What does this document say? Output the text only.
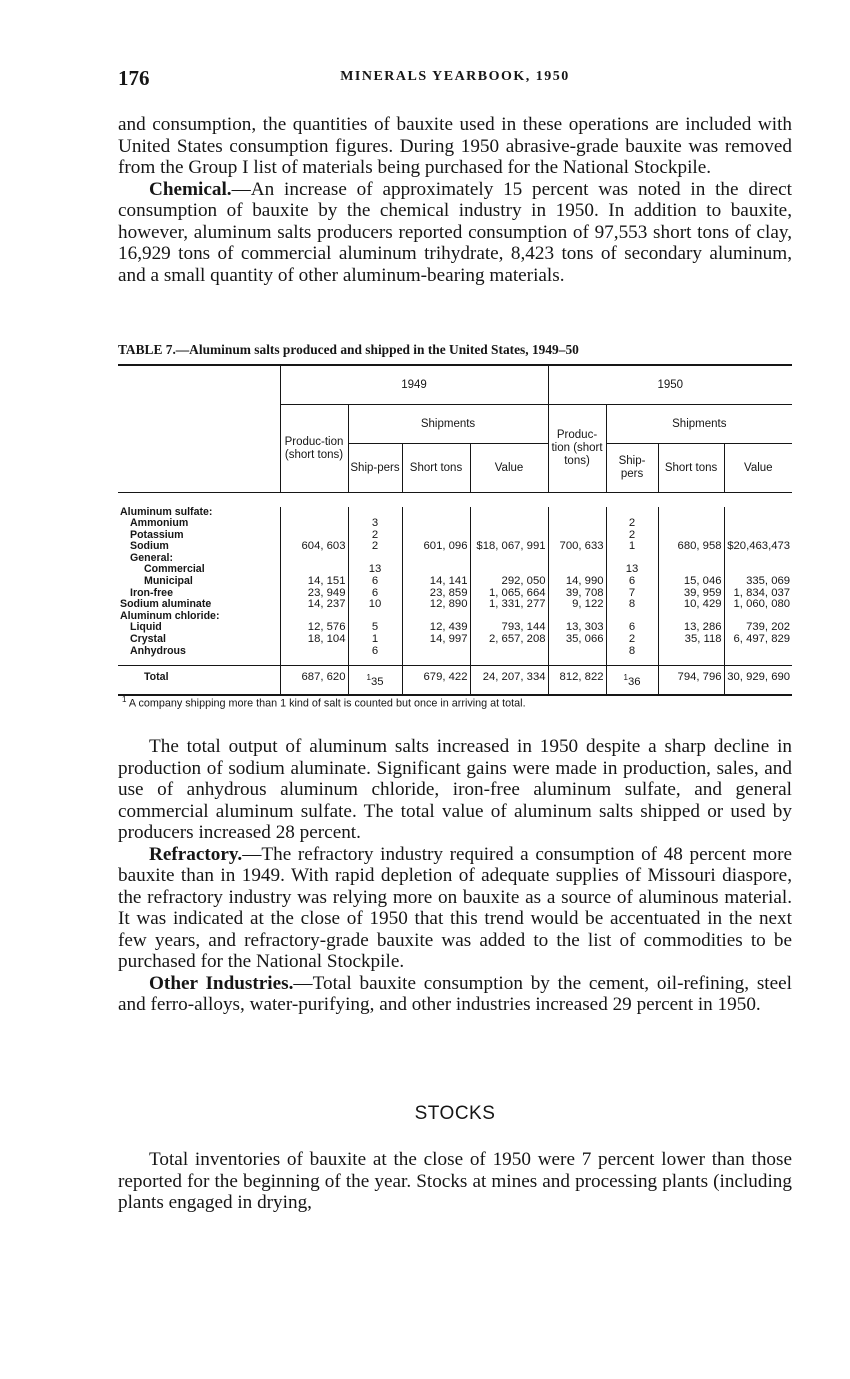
176	MINERALS YEARBOOK, 1950

and consumption, the quantities of bauxite used in these operations are included with United States consumption figures. During 1950 abrasive-grade bauxite was removed from the Group I list of materials being purchased for the National Stockpile.

Chemical.—An increase of approximately 15 percent was noted in the direct consumption of bauxite by the chemical industry in 1950. In addition to bauxite, however, aluminum salts producers reported consumption of 97,553 short tons of clay, 16,929 tons of commercial aluminum trihydrate, 8,423 tons of secondary aluminum, and a small quantity of other aluminum-bearing materials.

TABLE 7.—Aluminum salts produced and shipped in the United States, 1949–50
	1949				1950			
	Produc-tion (short tons)	Shipments			Produc-tion (short tons)	Shipments		
		Ship-pers	Short tons	Value		Ship-pers	Short tons	Value

Aluminum sulfate:								
Ammonium		3				2		
Potassium		2				2		
Sodium	604, 603	2	601, 096	$18, 067, 991	700, 633	1	680, 958	$20,463,473
General:								
Commercial		13				13		
Municipal	14, 151	6	14, 141	292, 050	14, 990	6	15, 046	335, 069
Iron-free	23, 949	6	23, 859	1, 065, 664	39, 708	7	39, 959	1, 834, 037
Sodium aluminate	14, 237	10	12, 890	1, 331, 277	9, 122	8	10, 429	1, 060, 080
Aluminum chloride:								
Liquid	12, 576	5	12, 439	793, 144	13, 303	6	13, 286	739, 202
Crystal	18, 104	1	14, 997	2, 657, 208	35, 066	2	35, 118	6, 497, 829
Anhydrous		6				8		

Total	687, 620	$^1$35	679, 422	24, 207, 334	812, 822	$^1$36	794, 796	30, 929, 690
$^1$ A company shipping more than 1 kind of salt is counted but once in arriving at total.

The total output of aluminum salts increased in 1950 despite a sharp decline in production of sodium aluminate. Significant gains were made in production, sales, and use of anhydrous aluminum chloride, iron-free aluminum sulfate, and general commercial aluminum sulfate. The total value of aluminum salts shipped or used by producers increased 28 percent.

Refractory.—The refractory industry required a consumption of 48 percent more bauxite than in 1949. With rapid depletion of adequate supplies of Missouri diaspore, the refractory industry was relying more on bauxite as a source of aluminous material. It was indicated at the close of 1950 that this trend would be accentuated in the next few years, and refractory-grade bauxite was added to the list of commodities to be purchased for the National Stockpile.

Other Industries.—Total bauxite consumption by the cement, oil-refining, steel and ferro-alloys, water-purifying, and other industries increased 29 percent in 1950.

STOCKS

Total inventories of bauxite at the close of 1950 were 7 percent lower than those reported for the beginning of the year. Stocks at mines and processing plants (including plants engaged in drying,
